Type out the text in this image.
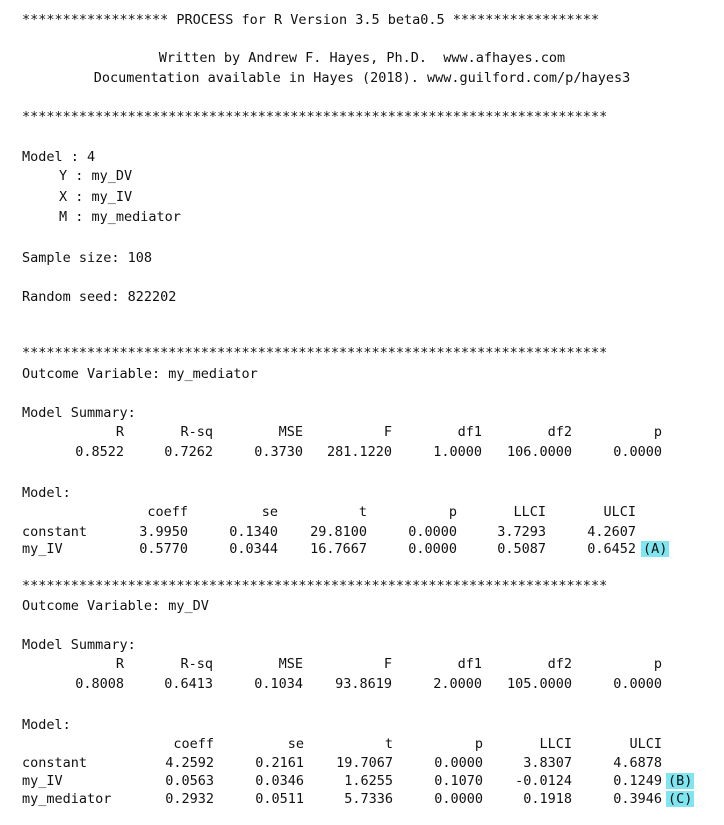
****************** PROCESS for R Version 3.5 beta0.5 ******************
Written by Andrew F. Hayes, Ph.D.  www.afhayes.com
Documentation available in Hayes (2018). www.guilford.com/p/hayes3
************************************************************************
Model : 4
Y : my_DV
X : my_IV
M : my_mediator
Sample size: 108
Random seed: 822202
************************************************************************
Outcome Variable: my_mediator
Model Summary:
R	R-sq	MSE	F	df1	df2	p
0.8522	0.7262	0.3730 281.1220	1.0000 106.0000	0.0000
Model:
coeff	se	t	p	LLCI	ULCI
constant	3.9950	0.1340 29.8100	0.0000	3.7293	4.2607
my_IV	0.5770	0.0344 16.7667	0.0000	0.5087	0.6452 (A)
************************************************************************
Outcome Variable: my_DV
Model Summary:
R	R-sq	MSE	F	df1	df2	p
0.8008	0.6413	0.1034 93.8619	2.0000 105.0000	0.0000
Model:
coeff	se	t	p	LLCI	ULCI
constant	4.2592	0.2161 19.7067	0.0000	3.8307	4.6878
my_IV	0.0563	0.0346	1.6255	0.1070 -0.0124	0.1249 (B)
my_mediator	0.2932	0.0511	5.7336	0.0000	0.1918	0.3946 (C)
